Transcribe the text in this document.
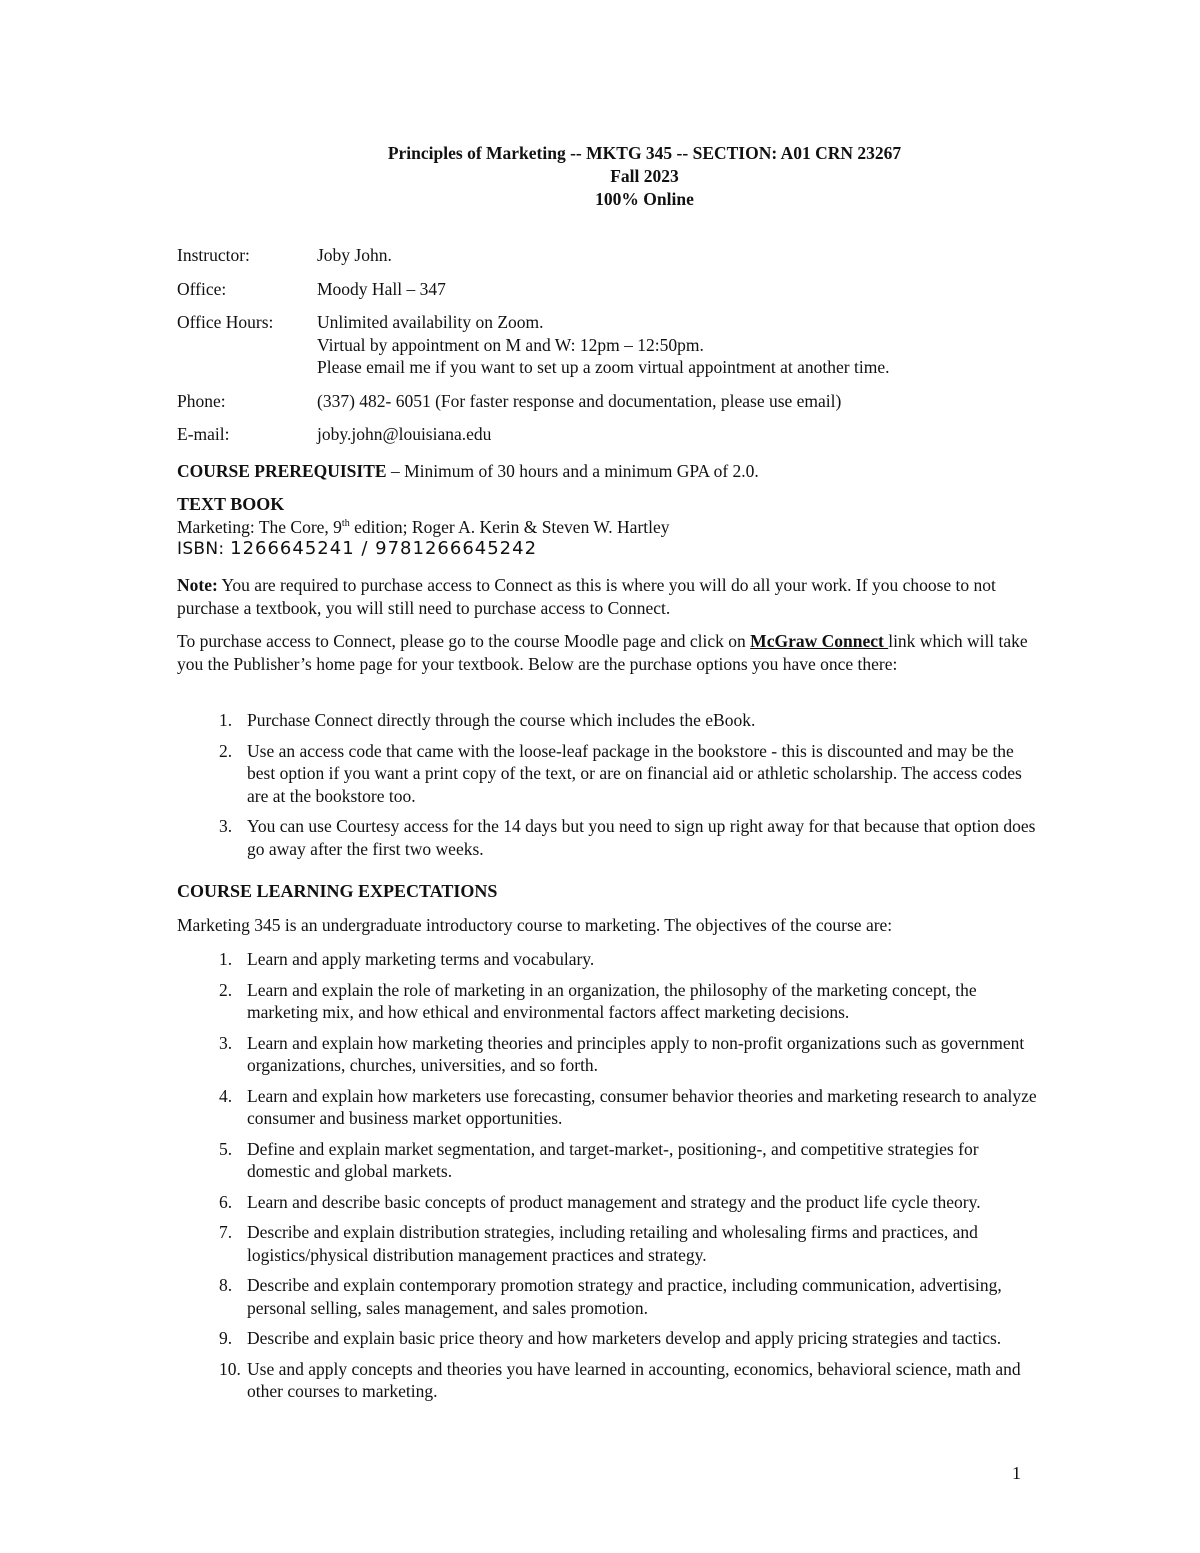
Principles of Marketing -- MKTG 345 -- SECTION: A01 CRN 23267
Fall 2023
100% Online
Instructor:	Joby John.
Office:	Moody Hall – 347
Office Hours:	Unlimited availability on Zoom.
Virtual by appointment on M and W: 12pm – 12:50pm.
Please email me if you want to set up a zoom virtual appointment at another time.
Phone:	(337) 482- 6051 (For faster response and documentation, please use email)
E-mail:	joby.john@louisiana.edu

COURSE PREREQUISITE – Minimum of 30 hours and a minimum GPA of 2.0.

TEXT BOOK
Marketing: The Core, 9th edition; Roger A. Kerin & Steven W. Hartley
ISBN: 1266645241 / 9781266645242

Note: You are required to purchase access to Connect as this is where you will do all your work. If you choose to not purchase a textbook, you will still need to purchase access to Connect.

To purchase access to Connect, please go to the course Moodle page and click on McGraw Connect link which will take you the Publisher’s home page for your textbook. Below are the purchase options you have once there:

1. Purchase Connect directly through the course which includes the eBook.
2. Use an access code that came with the loose-leaf package in the bookstore - this is discounted and may be the best option if you want a print copy of the text, or are on financial aid or athletic scholarship. The access codes are at the bookstore too.
3. You can use Courtesy access for the 14 days but you need to sign up right away for that because that option does go away after the first two weeks.
COURSE LEARNING EXPECTATIONS

Marketing 345 is an undergraduate introductory course to marketing. The objectives of the course are:

1. Learn and apply marketing terms and vocabulary.
2. Learn and explain the role of marketing in an organization, the philosophy of the marketing concept, the marketing mix, and how ethical and environmental factors affect marketing decisions.
3. Learn and explain how marketing theories and principles apply to non-profit organizations such as government organizations, churches, universities, and so forth.
4. Learn and explain how marketers use forecasting, consumer behavior theories and marketing research to analyze consumer and business market opportunities.
5. Define and explain market segmentation, and target-market-, positioning-, and competitive strategies for domestic and global markets.
6. Learn and describe basic concepts of product management and strategy and the product life cycle theory.
7. Describe and explain distribution strategies, including retailing and wholesaling firms and practices, and logistics/physical distribution management practices and strategy.
8. Describe and explain contemporary promotion strategy and practice, including communication, advertising, personal selling, sales management, and sales promotion.
9. Describe and explain basic price theory and how marketers develop and apply pricing strategies and tactics.
10. Use and apply concepts and theories you have learned in accounting, economics, behavioral science, math and other courses to marketing.
1
